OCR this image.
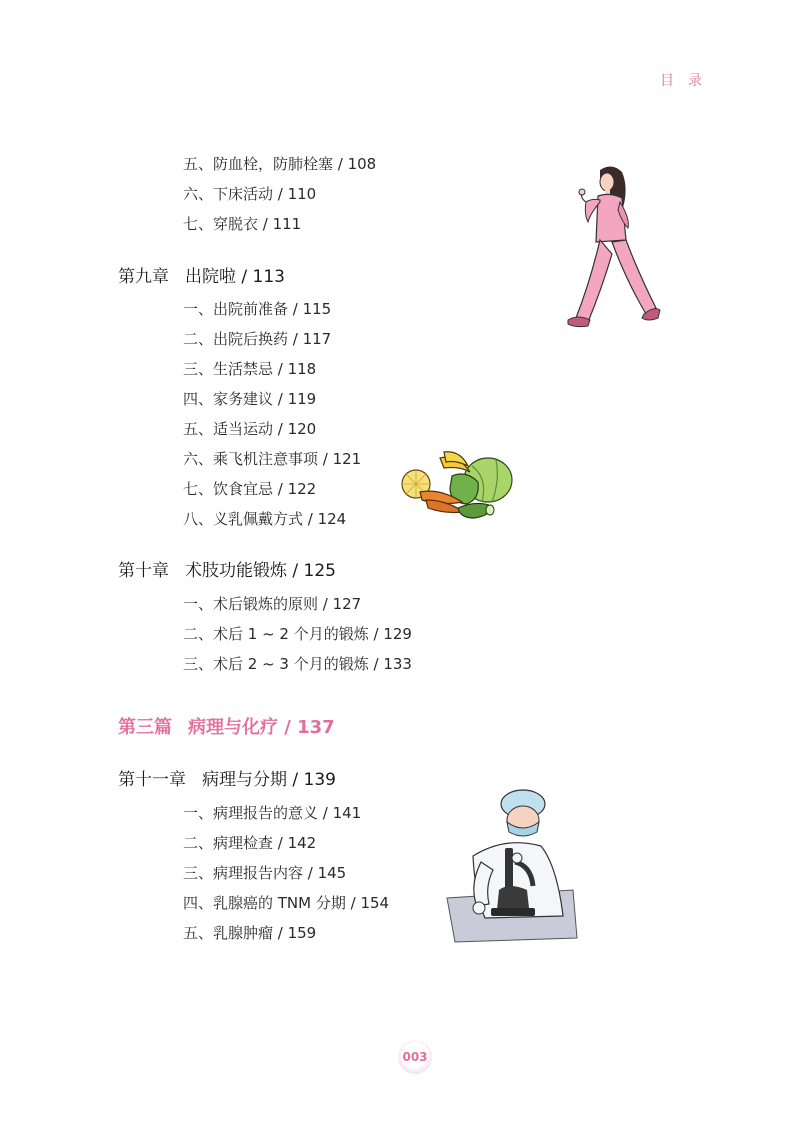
目录
五、防血栓，防肺栓塞 / 108
六、下床活动 / 110
七、穿脱衣 / 111
第九章 出院啦 / 113
一、出院前准备 / 115
二、出院后换药 / 117
三、生活禁忌 / 118
四、家务建议 / 119
五、适当运动 / 120
六、乘飞机注意事项 / 121
七、饮食宜忌 / 122
八、义乳佩戴方式 / 124
第十章 术肢功能锻炼 / 125
一、术后锻炼的原则 / 127
二、术后 1 ~ 2 个月的锻炼 / 129
三、术后 2 ~ 3 个月的锻炼 / 133
第三篇 病理与化疗 / 137
第十一章 病理与分期 / 139
一、病理报告的意义 / 141
二、病理检查 / 142
三、病理报告内容 / 145
四、乳腺癌的 TNM 分期 / 154
五、乳腺肿瘤 / 159
003
